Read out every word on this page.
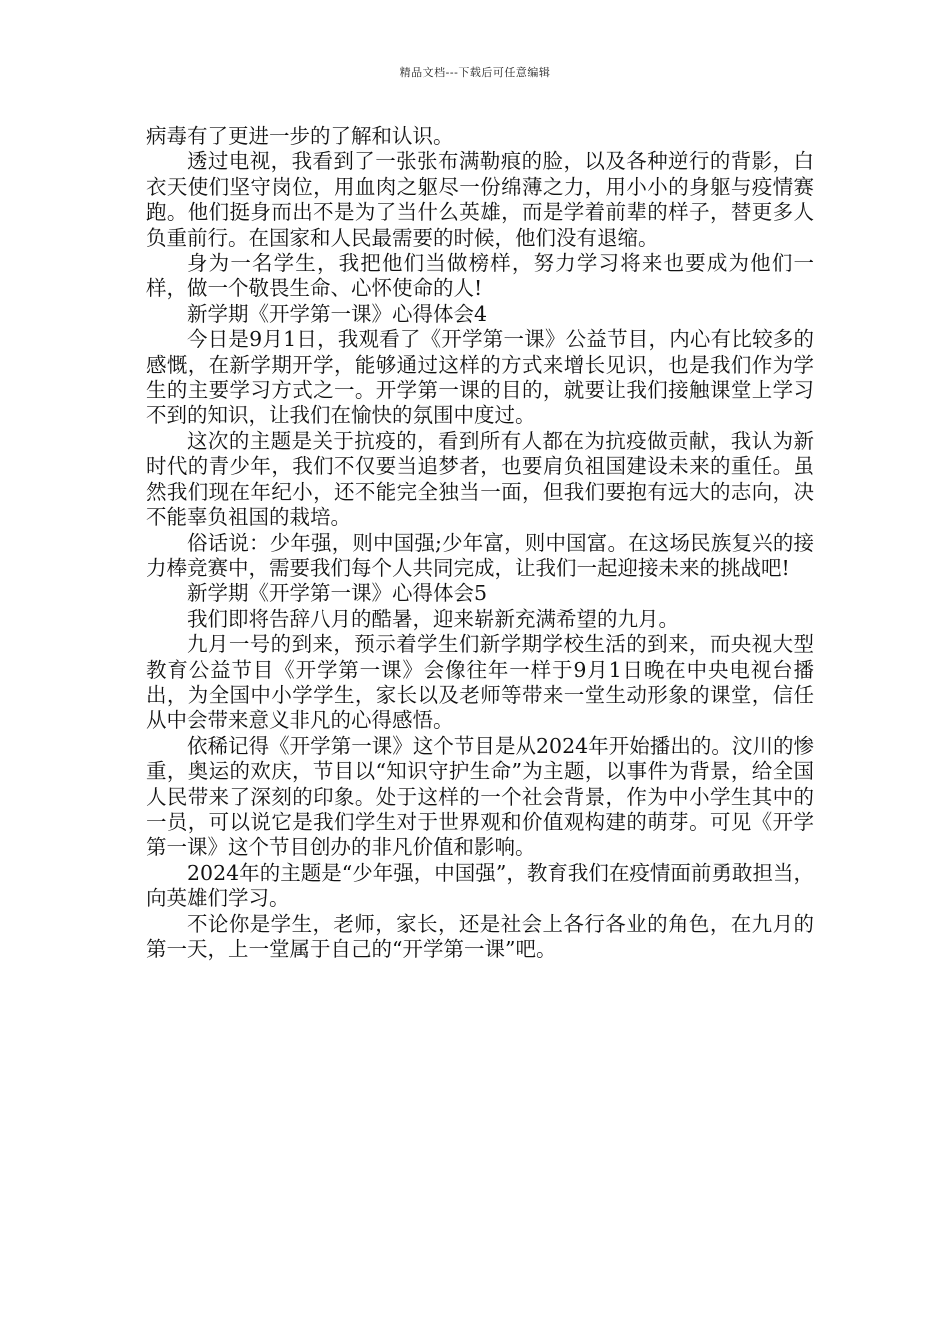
精品文档---下载后可任意编辑

病毒有了更进一步的了解和认识。

透过电视，我看到了一张张布满勒痕的脸，以及各种逆行的背影，白衣天使们坚守岗位，用血肉之躯尽一份绵薄之力，用小小的身躯与疫情赛跑。他们挺身而出不是为了当什么英雄，而是学着前辈的样子，替更多人负重前行。在国家和人民最需要的时候，他们没有退缩。

身为一名学生，我把他们当做榜样，努力学习将来也要成为他们一样，做一个敬畏生命、心怀使命的人!

新学期《开学第一课》心得体会4

今日是9月1日，我观看了《开学第一课》公益节目，内心有比较多的感慨，在新学期开学，能够通过这样的方式来增长见识，也是我们作为学生的主要学习方式之一。开学第一课的目的，就要让我们接触课堂上学习不到的知识，让我们在愉快的氛围中度过。

这次的主题是关于抗疫的，看到所有人都在为抗疫做贡献，我认为新时代的青少年，我们不仅要当追梦者，也要肩负祖国建设未来的重任。虽然我们现在年纪小，还不能完全独当一面，但我们要抱有远大的志向，决不能辜负祖国的栽培。

俗话说：少年强，则中国强;少年富，则中国富。在这场民族复兴的接力棒竞赛中，需要我们每个人共同完成，让我们一起迎接未来的挑战吧!

新学期《开学第一课》心得体会5

我们即将告辞八月的酷暑，迎来崭新充满希望的九月。

九月一号的到来，预示着学生们新学期学校生活的到来，而央视大型教育公益节目《开学第一课》会像往年一样于9月1日晚在中央电视台播出，为全国中小学学生，家长以及老师等带来一堂生动形象的课堂，信任从中会带来意义非凡的心得感悟。

依稀记得《开学第一课》这个节目是从2024年开始播出的。汶川的惨重，奥运的欢庆，节目以“知识守护生命”为主题，以事件为背景，给全国人民带来了深刻的印象。处于这样的一个社会背景，作为中小学生其中的一员，可以说它是我们学生对于世界观和价值观构建的萌芽。可见《开学第一课》这个节目创办的非凡价值和影响。

2024年的主题是“少年强，中国强”，教育我们在疫情面前勇敢担当，向英雄们学习。

不论你是学生，老师，家长，还是社会上各行各业的角色，在九月的第一天，上一堂属于自己的“开学第一课”吧。
